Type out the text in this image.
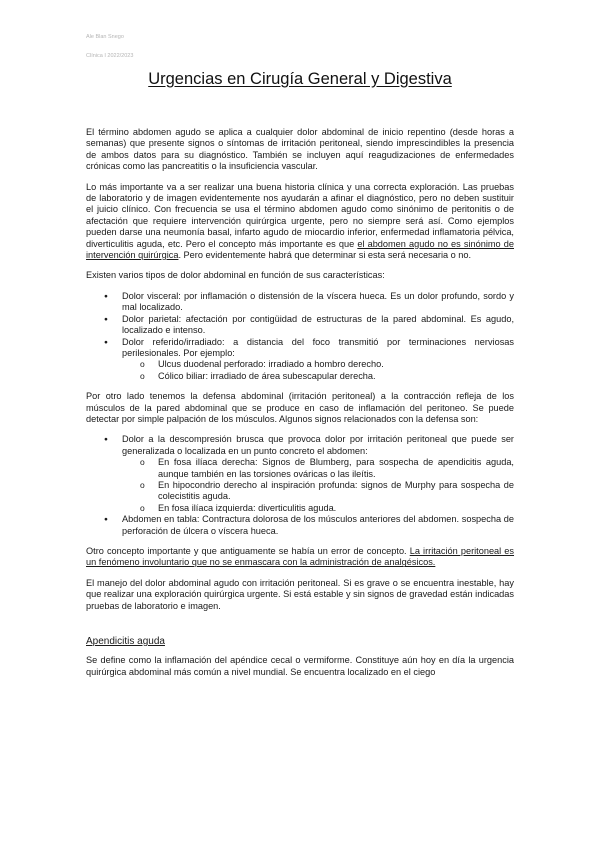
Ale Blan Snego
Clínica I 2022/2023
Urgencias en Cirugía General y Digestiva

El término abdomen agudo se aplica a cualquier dolor abdominal de inicio repentino (desde horas a semanas) que presente signos o síntomas de irritación peritoneal, siendo imprescindibles la presencia de ambos datos para su diagnóstico. También se incluyen aquí reagudizaciones de enfermedades crónicas como las pancreatitis o la insuficiencia vascular.

Lo más importante va a ser realizar una buena historia clínica y una correcta exploración. Las pruebas de laboratorio y de imagen evidentemente nos ayudarán a afinar el diagnóstico, pero no deben sustituir el juicio clínico. Con frecuencia se usa el término abdomen agudo como sinónimo de peritonitis o de afectación que requiere intervención quirúrgica urgente, pero no siempre será así. Como ejemplos pueden darse una neumonía basal, infarto agudo de miocardio inferior, enfermedad inflamatoria pélvica, diverticulitis aguda, etc. Pero el concepto más importante es que el abdomen agudo no es sinónimo de intervención quirúrgica. Pero evidentemente habrá que determinar si esta será necesaria o no.

Existen varios tipos de dolor abdominal en función de sus características:

● Dolor visceral: por inflamación o distensión de la víscera hueca. Es un dolor profundo, sordo y mal localizado.
● Dolor parietal: afectación por contigüidad de estructuras de la pared abdominal. Es agudo, localizado e intenso.
● Dolor referido/irradiado: a distancia del foco transmitió por terminaciones nerviosas perilesionales. Por ejemplo:
o Ulcus duodenal perforado: irradiado a hombro derecho.
o Cólico biliar: irradiado de área subescapular derecha.

Por otro lado tenemos la defensa abdominal (irritación peritoneal) a la contracción refleja de los músculos de la pared abdominal que se produce en caso de inflamación del peritoneo. Se puede detectar por simple palpación de los músculos. Algunos signos relacionados con la defensa son:

● Dolor a la descompresión brusca que provoca dolor por irritación peritoneal que puede ser generalizada o localizada en un punto concreto el abdomen:
o En fosa ilíaca derecha: Signos de Blumberg, para sospecha de apendicitis aguda, aunque también en las torsiones ováricas o las ileítis.
o En hipocondrio derecho al inspiración profunda: signos de Murphy para sospecha de colecistitis aguda.
o En fosa ilíaca izquierda: diverticulitis aguda.
● Abdomen en tabla: Contractura dolorosa de los músculos anteriores del abdomen. sospecha de perforación de úlcera o víscera hueca.

Otro concepto importante y que antiguamente se había un error de concepto. La irritación peritoneal es un fenómeno involuntario que no se enmascara con la administración de analgésicos.

El manejo del dolor abdominal agudo con irritación peritoneal. Si es grave o se encuentra inestable, hay que realizar una exploración quirúrgica urgente. Si está estable y sin signos de gravedad están indicadas pruebas de laboratorio e imagen.

Apendicitis aguda

Se define como la inflamación del apéndice cecal o vermiforme. Constituye aún hoy en día la urgencia quirúrgica abdominal más común a nivel mundial. Se encuentra localizado en el ciego
